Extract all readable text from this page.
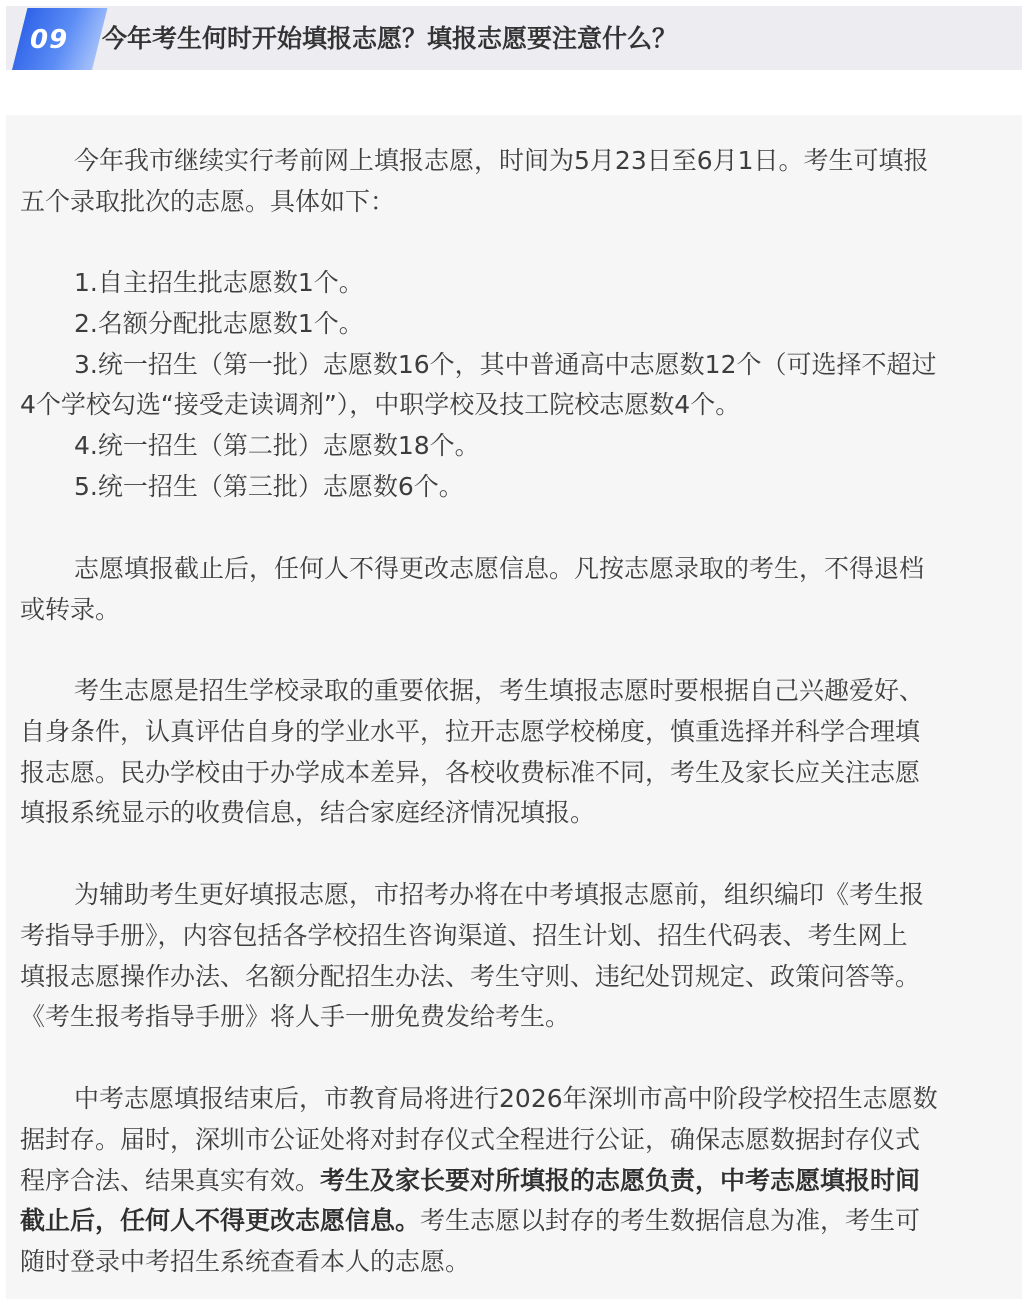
09	今年考生何时开始填报志愿？填报志愿要注意什么？
今年我市继续实行考前网上填报志愿，时间为5月23日至6月1日。考生可填报
五个录取批次的志愿。具体如下：
1.自主招生批志愿数1个。
2.名额分配批志愿数1个。
3.统一招生（第一批）志愿数16个，其中普通高中志愿数12个（可选择不超过
4个学校勾选“接受走读调剂”），中职学校及技工院校志愿数4个。
4.统一招生（第二批）志愿数18个。
5.统一招生（第三批）志愿数6个。
志愿填报截止后，任何人不得更改志愿信息。凡按志愿录取的考生，不得退档
或转录。
考生志愿是招生学校录取的重要依据，考生填报志愿时要根据自己兴趣爱好、
自身条件，认真评估自身的学业水平，拉开志愿学校梯度，慎重选择并科学合理填
报志愿。民办学校由于办学成本差异，各校收费标准不同，考生及家长应关注志愿
填报系统显示的收费信息，结合家庭经济情况填报。
为辅助考生更好填报志愿，市招考办将在中考填报志愿前，组织编印《考生报
考指导手册》，内容包括各学校招生咨询渠道、招生计划、招生代码表、考生网上
填报志愿操作办法、名额分配招生办法、考生守则、违纪处罚规定、政策问答等。
《考生报考指导手册》将人手一册免费发给考生。
中考志愿填报结束后，市教育局将进行2026年深圳市高中阶段学校招生志愿数
据封存。届时，深圳市公证处将对封存仪式全程进行公证，确保志愿数据封存仪式
程序合法、结果真实有效。考生及家长要对所填报的志愿负责，中考志愿填报时间
截止后，任何人不得更改志愿信息。考生志愿以封存的考生数据信息为准，考生可
随时登录中考招生系统查看本人的志愿。
